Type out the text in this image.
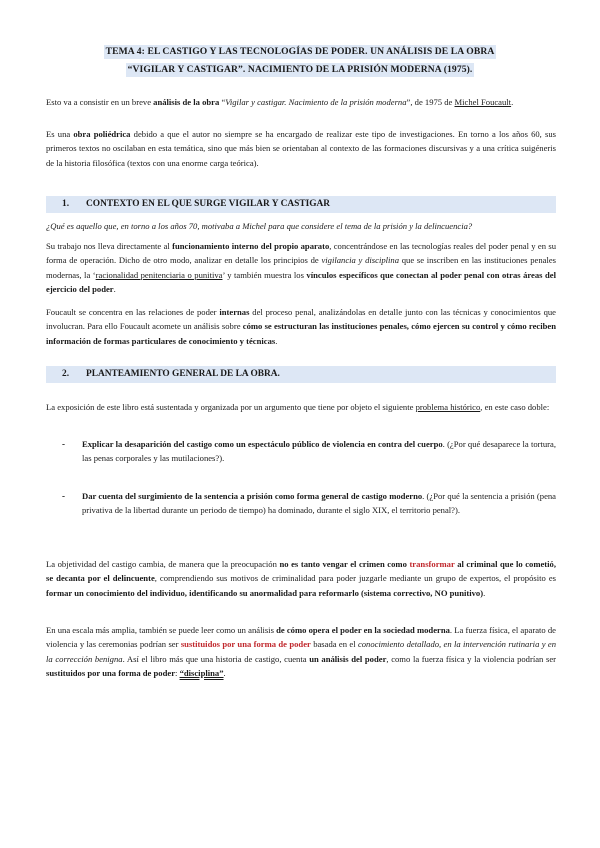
TEMA 4: EL CASTIGO Y LAS TECNOLOGÍAS DE PODER. UN ANÁLISIS DE LA OBRA
“VIGILAR Y CASTIGAR”. NACIMIENTO DE LA PRISIÓN MODERNA (1975).

Esto va a consistir en un breve análisis de la obra “Vigilar y castigar. Nacimiento de la prisión moderna”, de 1975 de Michel Foucault.

Es una obra poliédrica debido a que el autor no siempre se ha encargado de realizar este tipo de investigaciones. En torno a los años 60, sus primeros textos no oscilaban en esta temática, sino que más bien se orientaban al contexto de las formaciones discursivas y a una crítica suigéneris de la historia filosófica (textos con una enorme carga teórica).

1. CONTEXTO EN EL QUE SURGE VIGILAR Y CASTIGAR
¿Qué es aquello que, en torno a los años 70, motivaba a Michel para que considere el tema de la prisión y la delincuencia?

Su trabajo nos lleva directamente al funcionamiento interno del propio aparato, concentrándose en las tecnologías reales del poder penal y en su forma de operación. Dicho de otro modo, analizar en detalle los principios de vigilancia y disciplina que se inscriben en las instituciones penales modernas, la ‘racionalidad penitenciaria o punitiva’ y también muestra los vínculos específicos que conectan al poder penal con otras áreas del ejercicio del poder.

Foucault se concentra en las relaciones de poder internas del proceso penal, analizándolas en detalle junto con las técnicas y conocimientos que involucran. Para ello Foucault acomete un análisis sobre cómo se estructuran las instituciones penales, cómo ejercen su control y cómo reciben información de formas particulares de conocimiento y técnicas.

2. PLANTEAMIENTO GENERAL DE LA OBRA.

La exposición de este libro está sustentada y organizada por un argumento que tiene por objeto el siguiente problema histórico, en este caso doble:

-	Explicar la desaparición del castigo como un espectáculo público de violencia en contra del cuerpo. (¿Por qué desaparece la tortura, las penas corporales y las mutilaciones?).

-	Dar cuenta del surgimiento de la sentencia a prisión como forma general de castigo moderno. (¿Por qué la sentencia a prisión (pena privativa de la libertad durante un periodo de tiempo) ha dominado, durante el siglo XIX, el territorio penal?).

La objetividad del castigo cambia, de manera que la preocupación no es tanto vengar el crimen como transformar al criminal que lo cometió, se decanta por el delincuente, comprendiendo sus motivos de criminalidad para poder juzgarle mediante un grupo de expertos, el propósito es formar un conocimiento del individuo, identificando su anormalidad para reformarlo (sistema correctivo, NO punitivo).

En una escala más amplia, también se puede leer como un análisis de cómo opera el poder en la sociedad moderna. La fuerza física, el aparato de violencia y las ceremonias podrían ser sustituidos por una forma de poder basada en el conocimiento detallado, en la intervención rutinaria y en la corrección benigna. Así el libro más que una historia de castigo, cuenta un análisis del poder, como la fuerza física y la violencia podrían ser sustituidos por una forma de poder: “disciplina”.
